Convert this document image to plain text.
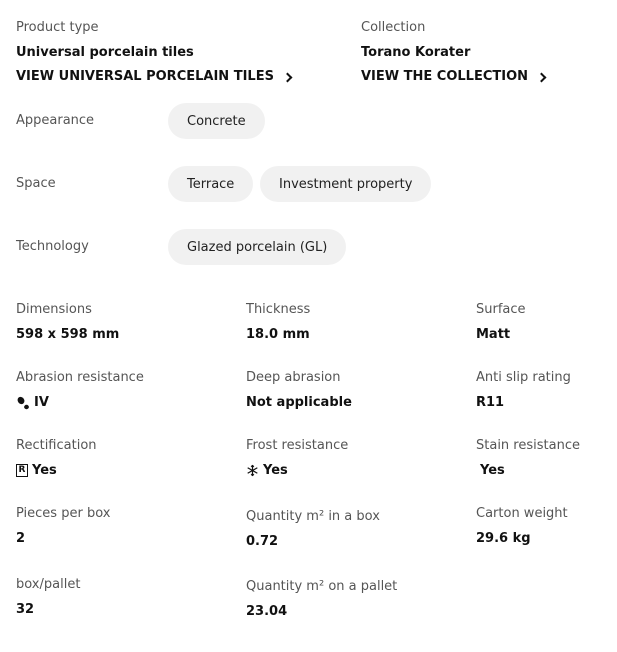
Product type
Universal porcelain tiles
VIEW UNIVERSAL PORCELAIN TILES
Collection
Torano Korater
VIEW THE COLLECTION
Appearance	Concrete
Space	Terrace	Investment property
Technology	Glazed porcelain (GL)
Dimensions
598 x 598 mm
Thickness
18.0 mm
Surface
Matt
Abrasion resistance
IV
Deep abrasion
Not applicable
Anti slip rating
R11
Rectification
R Yes
Frost resistance
Yes
Stain resistance
Yes
Pieces per box
2
Quantity m² in a box
0.72
Carton weight
29.6 kg
box/pallet
32
Quantity m² on a pallet
23.04
